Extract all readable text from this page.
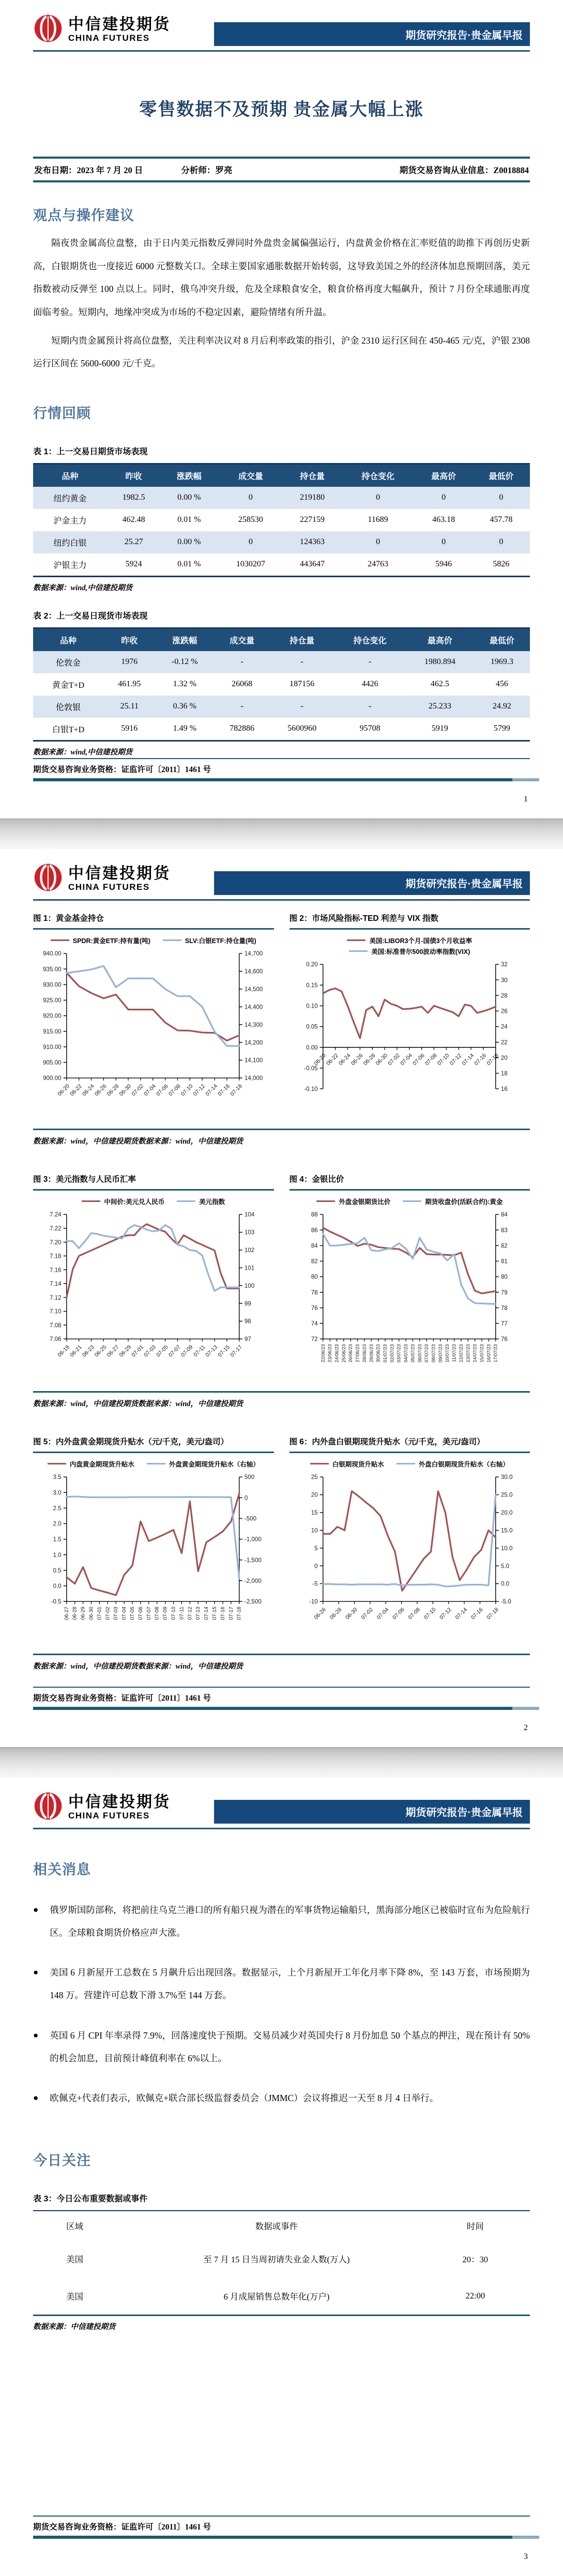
中信建投期货
CHINA FUTURES	期货研究报告·贵金属早报
零售数据不及预期 贵金属大幅上涨
发布日期：2023 年 7 月 20 日	分析师：罗亮	期货交易咨询从业信息：Z0018884
观点与操作建议

隔夜贵金属高位盘整，由于日内美元指数反弹同时外盘贵金属偏强运行，内盘黄金价格在汇率贬值的助推下再创历史新高，白银期货也一度接近 6000 元整数关口。全球主要国家通胀数据开始转弱，这导致美国之外的经济体加息预期回落，美元指数被动反弹至 100 点以上。同时，俄乌冲突升级，危及全球粮食安全，粮食价格再度大幅飙升，预计 7 月份全球通胀再度面临考验。短期内，地缘冲突成为市场的不稳定因素，避险情绪有所升温。

短期内贵金属预计将高位盘整，关注利率决议对 8 月后利率政策的指引，沪金 2310 运行区间在 450-465 元/克，沪银 2308 运行区间在 5600-6000 元/千克。

行情回顾
表 1：上一交易日期货市场表现
品种	昨收	涨跌幅	成交量	持仓量	持仓变化	最高价	最低价
纽约黄金	1982.5	0.00 %	0	219180	0	0	0
沪金主力	462.48	0.01 %	258530	227159	11689	463.18	457.78
纽约白银	25.27	0.00 %	0	124363	0	0	0
沪银主力	5924	0.01 %	1030207	443647	24763	5946	5826
数据来源：wind,中信建投期货
表 2：上一交易日现货市场表现
品种	昨收	涨跌幅	成交量	持仓量	持仓变化	最高价	最低价
伦敦金	1976	-0.12 %	-	-	-	1980.894	1969.3
黄金T+D	461.95	1.32 %	26068	187156	4426	462.5	456
伦敦银	25.11	0.36 %	-	-	-	25.233	24.92
白银T+D	5916	1.49 %	782886	5600960	95708	5919	5799
数据来源：wind,中信建投期货
期货交易咨询业务资格：证监许可〔2011〕1461 号
1
中信建投期货
CHINA FUTURES	期货研究报告·贵金属早报
图 1：黄金基金持仓
SPDR:黄金ETF:持有量(吨)	SLV:白银ETF:持仓量(吨)
900.00
905.00
910.00
915.00
920.00
925.00
930.00
935.00
940.00
14,000
14,100
14,200
14,300
14,400
14,500
14,600
14,700
06-20
06-22
06-24
06-26
06-28
06-30
07-02
07-04
07-06
07-08
07-10
07-12
07-14
07-16
07-18
图 2：市场风险指标-TED 利差与 VIX 指数
美国:LIBOR3个月-国债3个月收益率
美国:标准普尔500波动率指数(VIX)
-0.10
-0.05
0.00
0.05
0.10
0.15
0.20
16
18
20
22
24
26
28
30
32
06-20
06-22
06-24
06-26
06-28
06-30
07-02
07-04
07-06
07-08
07-10
07-12
07-14
07-16
07-18
数据来源：wind，中信建投期货数据来源：wind，中信建投期货
图 3：美元指数与人民币汇率
中间价:美元兑人民币	美元指数
7.06
7.08
7.10
7.12
7.14
7.16
7.18
7.20
7.22
7.24
97
98
99
100
101
102
103
104
06-19
06-21
06-23
06-25
06-27
06-29
07-01
07-03
07-05
07-07
07-09
07-11
07-13
07-15
07-17
图 4：金银比价
外盘金银期货比价	期货收盘价(活跃合约):黄金
72
74
76
78
80
82
84
86
88
76
77
78
79
80
81
82
83
84
22/06/23 23/06/23 24/06/23 25/06/23 26/06/23 27/06/23 28/06/23 29/06/23 30/06/23 01/07/23 02/07/23 03/07/23 04/07/23 05/07/23 06/07/23 07/07/23 08/07/23 09/07/23 10/07/23 11/07/23 12/07/23 13/07/23 14/07/23 15/07/23 16/07/23 17/07/23
数据来源：wind，中信建投期货数据来源：wind，中信建投期货
图 5：内外盘黄金期现货升贴水（元/千克，美元/盎司）
内盘黄金期现货升贴水	外盘黄金期现货升贴水（右轴）
-0.5
0.0
0.5
1.0
1.5
2.0
2.5
3.0
3.5
-2,500
-2,000
-1,500
-1,000
-500
0
500
06-27 06-28 06-29 06-30 07-01 07-02 07-03 07-04 07-05 07-06 07-07 07-08 07-09 07-10 07-11 07-12 07-13 07-14 07-15 07-16 07-17 07-18
图 6：内外盘白银期现货升贴水（元/千克，美元/盎司）
白银期现货升贴水	外盘白银期现货升贴水（右轴）
-10
-5
0
5
10
15
20
25
-5.0
0.0
5.0
10.0
15.0
20.0
25.0
30.0
06-26 06-28 06-30 07-02 07-04 07-06 07-08 07-10 07-12 07-14 07-16 07-18
数据来源：wind，中信建投期货数据来源：wind，中信建投期货
期货交易咨询业务资格：证监许可〔2011〕1461 号
2
中信建投期货
CHINA FUTURES	期货研究报告·贵金属早报
相关消息
● 俄罗斯国防部称，将把前往乌克兰港口的所有船只视为潜在的军事货物运输船只，黑海部分地区已被临时宣布为危险航行区。全球粮食期货价格应声大涨。

● 美国 6 月新屋开工总数在 5 月飙升后出现回落。数据显示，上个月新屋开工年化月率下降 8%，至 143 万套，市场预期为 148 万。营建许可总数下滑 3.7%至 144 万套。

● 英国 6 月 CPI 年率录得 7.9%，回落速度快于预期。交易员减少对英国央行 8 月份加息 50 个基点的押注，现在预计有 50%的机会加息，目前预计峰值利率在 6%以上。

● 欧佩克+代表们表示，欧佩克+联合部长级监督委员会（JMMC）会议将推迟一天至 8 月 4 日举行。

今日关注
表 3：今日公布重要数据或事件
区域	数据或事件	时间
美国	至 7 月 15 日当周初请失业金人数(万人)	20：30
美国	6 月成屋销售总数年化(万户)	22:00
数据来源：中信建投期货
期货交易咨询业务资格：证监许可〔2011〕1461 号
3
